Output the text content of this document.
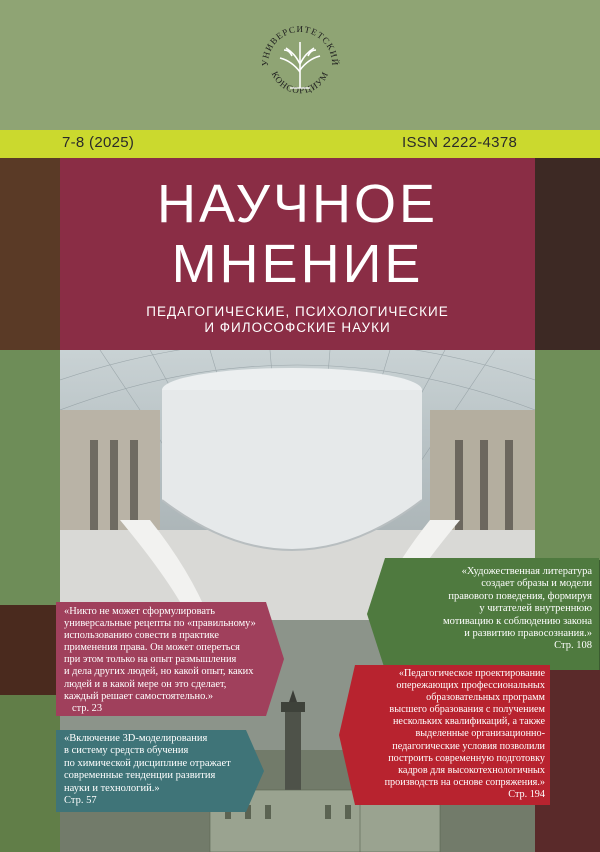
УНИВЕРСИТЕТСКИЙ
КОНСОРЦИУМ
7-8 (2025)	ISSN 2222-4378
НАУЧНОЕ
МНЕНИЕ
ПЕДАГОГИЧЕСКИЕ, ПСИХОЛОГИЧЕСКИЕ
И ФИЛОСОФСКИЕ НАУКИ
«Художественная литература
создает образы и модели
правового поведения, формируя
у читателей внутреннюю
мотивацию к соблюдению закона
и развитию правосознания.»
Стр. 108
«Никто не может сформулировать
универсальные рецепты по «правильному»
использованию совести в практике
применения права. Он может опереться
при этом только на опыт размышления
и дела других людей, но какой опыт, каких
людей и в какой мере он это сделает,
каждый решает самостоятельно.»
стр. 23
«Педагогическое проектирование
опережающих профессиональных
образовательных программ
высшего образования с получением
нескольких квалификаций, а также
выделенные организационно-
педагогические условия позволили
построить современную подготовку
кадров для высокотехнологичных
производств на основе сопряжения.»
Стр. 194
«Включение 3D-моделирования
в систему средств обучения
по химической дисциплине отражает
современные тенденции развития
науки и технологий.»
Стр. 57
